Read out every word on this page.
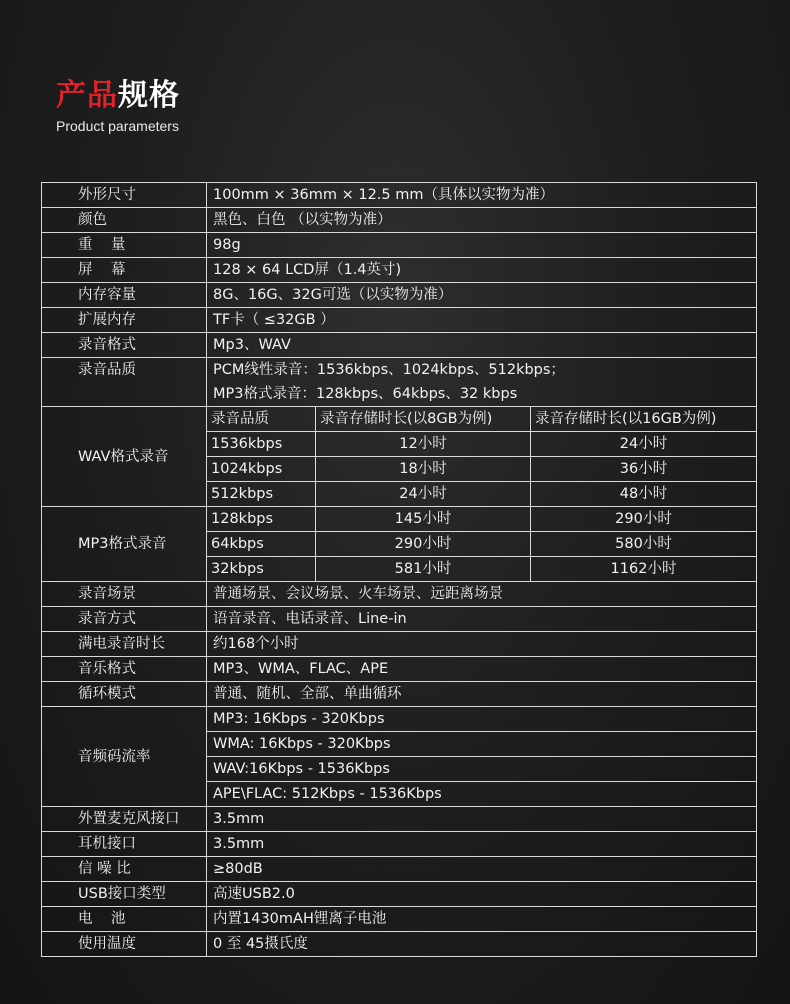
产品规格
Product parameters
外形尺寸	100mm × 36mm × 12.5 mm（具体以实物为准）		
颜色	黑色、白色 （以实物为准）		
重    量	98g		
屏    幕	128 × 64 LCD屏（1.4英寸)		
内存容量	8G、16G、32G可选（以实物为准）		
扩展内存	TF卡（ ≤32GB ）		
录音格式	Mp3、WAV		
录音品质	PCM线性录音：1536kbps、1024kbps、512kbps；
MP3格式录音：128kbps、64kbps、32 kbps		

WAV格式录音	录音品质	录音存储时长(以8GB为例)	录音存储时长(以16GB为例)
	1536kbps	12小时	24小时
	1024kbps	18小时	36小时
	512kbps	24小时	48小时
MP3格式录音	128kbps	145小时	290小时
	64kbps	290小时	580小时
	32kbps	581小时	1162小时
录音场景	普通场景、会议场景、火车场景、远距离场景		
录音方式	语音录音、电话录音、Line-in		
满电录音时长	约168个小时		
音乐格式	MP3、WMA、FLAC、APE		
循环模式	普通、随机、全部、单曲循环		
音频码流率	MP3: 16Kbps - 320Kbps		
	WMA: 16Kbps - 320Kbps		
	WAV:16Kbps - 1536Kbps		
	APE\FLAC: 512Kbps - 1536Kbps		
外置麦克风接口	3.5mm		
耳机接口	3.5mm		
信 噪 比	≥80dB		
USB接口类型	高速USB2.0		
电    池	内置1430mAH锂离子电池		
使用温度	0 至 45摄氏度		
